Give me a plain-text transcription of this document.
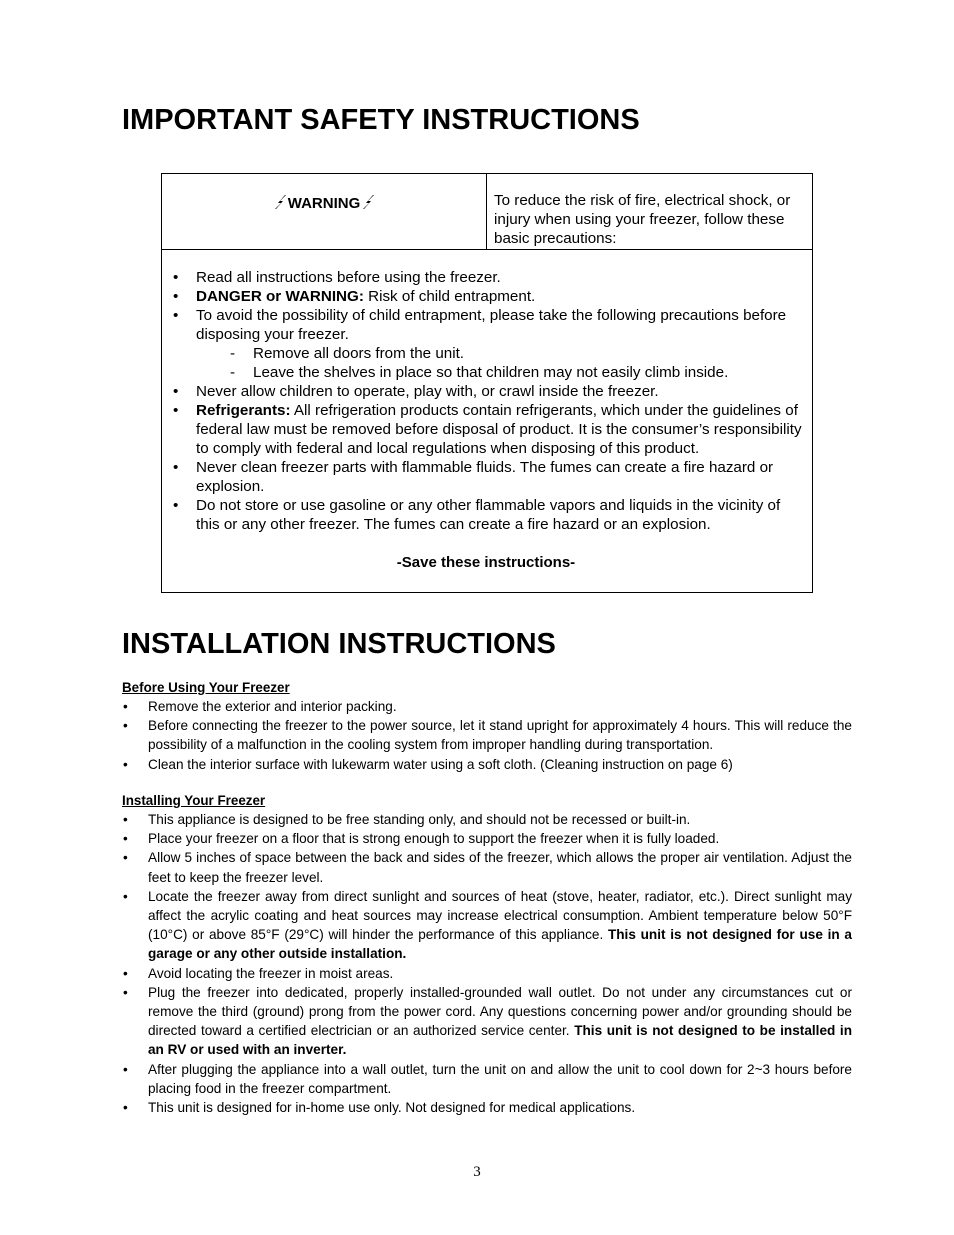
IMPORTANT SAFETY INSTRUCTIONS
WARNING	To reduce the risk of fire, electrical shock, or injury when using your freezer, follow these basic precautions:
• Read all instructions before using the freezer.
• DANGER or WARNING: Risk of child entrapment.
• To avoid the possibility of child entrapment, please take the following precautions before disposing your freezer.
- Remove all doors from the unit.
- Leave the shelves in place so that children may not easily climb inside.
• Never allow children to operate, play with, or crawl inside the freezer.
• Refrigerants: All refrigeration products contain refrigerants, which under the guidelines of federal law must be removed before disposal of product. It is the consumer’s responsibility to comply with federal and local regulations when disposing of this product.
• Never clean freezer parts with flammable fluids. The fumes can create a fire hazard or explosion.
• Do not store or use gasoline or any other flammable vapors and liquids in the vicinity of this or any other freezer. The fumes can create a fire hazard or an explosion.
-Save these instructions-
INSTALLATION INSTRUCTIONS
Before Using Your Freezer
• Remove the exterior and interior packing.
• Before connecting the freezer to the power source, let it stand upright for approximately 4 hours. This will reduce the possibility of a malfunction in the cooling system from improper handling during transportation.
• Clean the interior surface with lukewarm water using a soft cloth. (Cleaning instruction on page 6)
Installing Your Freezer
• This appliance is designed to be free standing only, and should not be recessed or built-in.
• Place your freezer on a floor that is strong enough to support the freezer when it is fully loaded.
• Allow 5 inches of space between the back and sides of the freezer, which allows the proper air ventilation. Adjust the feet to keep the freezer level.
• Locate the freezer away from direct sunlight and sources of heat (stove, heater, radiator, etc.). Direct sunlight may affect the acrylic coating and heat sources may increase electrical consumption. Ambient temperature below 50°F (10°C) or above 85°F (29°C) will hinder the performance of this appliance. This unit is not designed for use in a garage or any other outside installation.
• Avoid locating the freezer in moist areas.
• Plug the freezer into dedicated, properly installed-grounded wall outlet. Do not under any circumstances cut or remove the third (ground) prong from the power cord. Any questions concerning power and/or grounding should be directed toward a certified electrician or an authorized service center. This unit is not designed to be installed in an RV or used with an inverter.
• After plugging the appliance into a wall outlet, turn the unit on and allow the unit to cool down for 2~3 hours before placing food in the freezer compartment.
• This unit is designed for in-home use only. Not designed for medical applications.
3
